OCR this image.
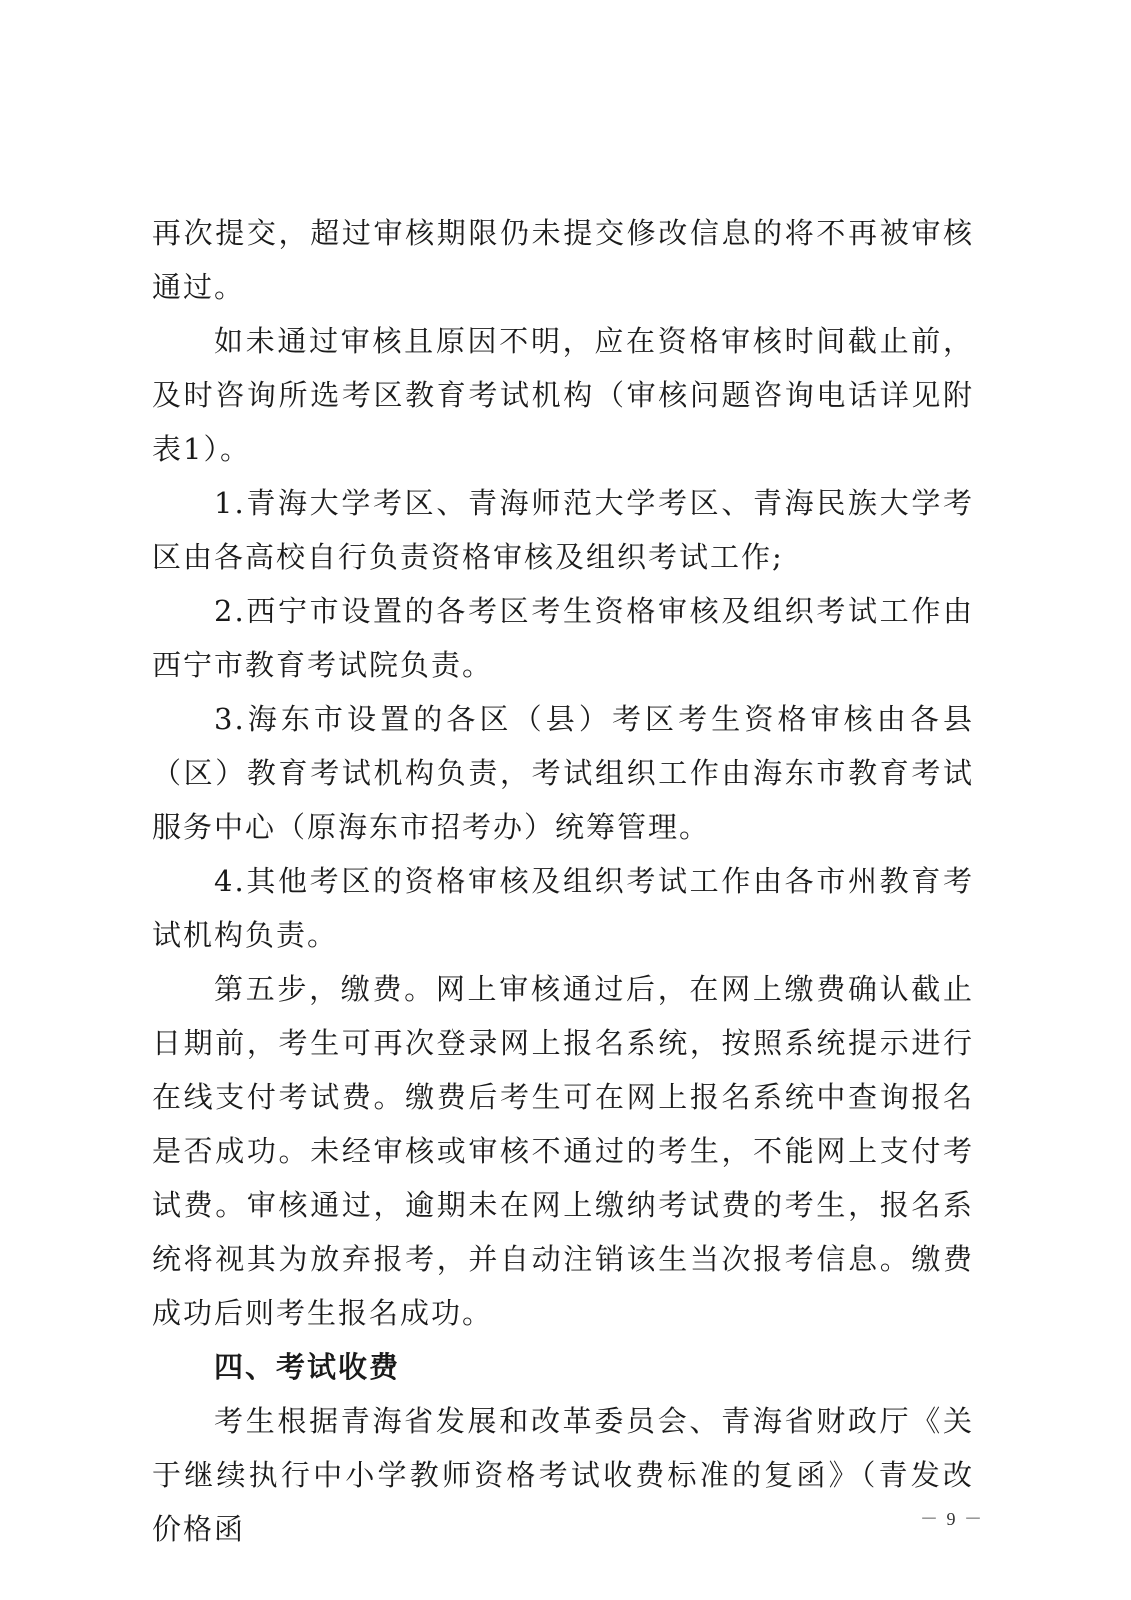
再次提交，超过审核期限仍未提交修改信息的将不再被审核通过。

如未通过审核且原因不明，应在资格审核时间截止前，及时咨询所选考区教育考试机构（审核问题咨询电话详见附表1）。

1.青海大学考区、青海师范大学考区、青海民族大学考区由各高校自行负责资格审核及组织考试工作;

2.西宁市设置的各考区考生资格审核及组织考试工作由西宁市教育考试院负责。

3.海东市设置的各区（县）考区考生资格审核由各县（区）教育考试机构负责，考试组织工作由海东市教育考试服务中心（原海东市招考办）统筹管理。

4.其他考区的资格审核及组织考试工作由各市州教育考试机构负责。

第五步，缴费。网上审核通过后，在网上缴费确认截止日期前，考生可再次登录网上报名系统，按照系统提示进行在线支付考试费。缴费后考生可在网上报名系统中查询报名是否成功。未经审核或审核不通过的考生，不能网上支付考试费。审核通过，逾期未在网上缴纳考试费的考生，报名系统将视其为放弃报考，并自动注销该生当次报考信息。缴费成功后则考生报名成功。

四、考试收费

考生根据青海省发展和改革委员会、青海省财政厅《关于继续执行中小学教师资格考试收费标准的复函》（青发改价格函	－ 9 －
